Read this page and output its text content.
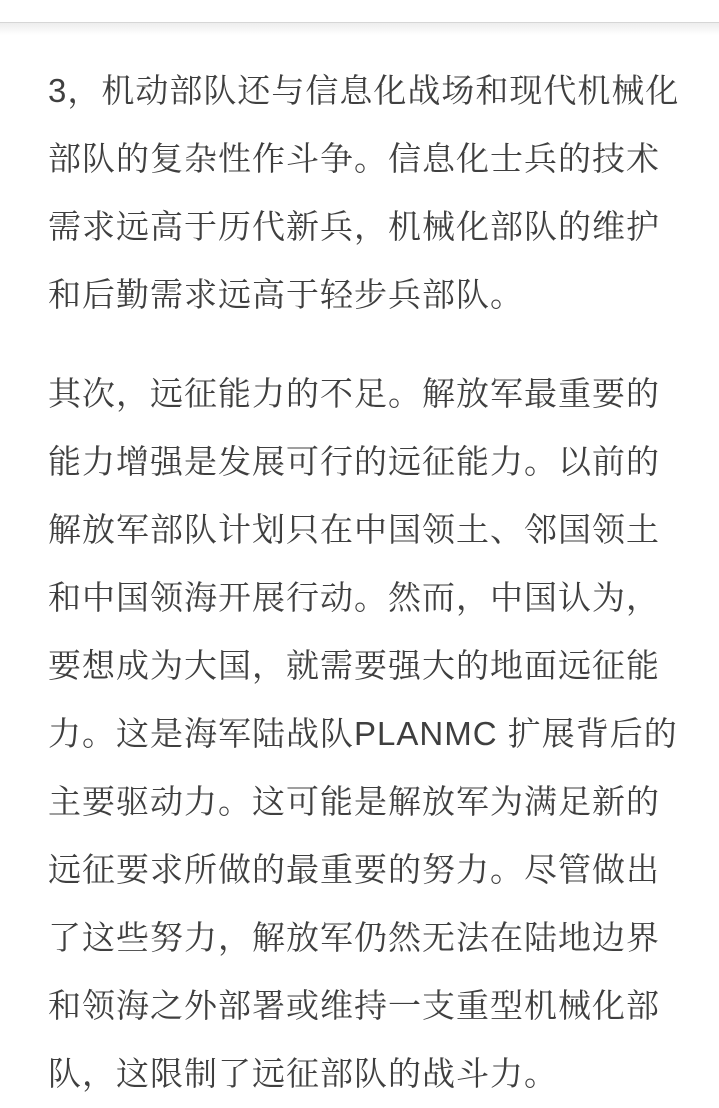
3，机动部队还与信息化战场和现代机械化
部队的复杂性作斗争。信息化士兵的技术
需求远高于历代新兵，机械化部队的维护
和后勤需求远高于轻步兵部队。
其次，远征能力的不足。解放军最重要的
能力增强是发展可行的远征能力。以前的
解放军部队计划只在中国领土、邻国领土
和中国领海开展行动。然而，中国认为，
要想成为大国，就需要强大的地面远征能
力。这是海军陆战队PLANMC 扩展背后的
主要驱动力。这可能是解放军为满足新的
远征要求所做的最重要的努力。尽管做出
了这些努力，解放军仍然无法在陆地边界
和领海之外部署或维持一支重型机械化部
队，这限制了远征部队的战斗力。
